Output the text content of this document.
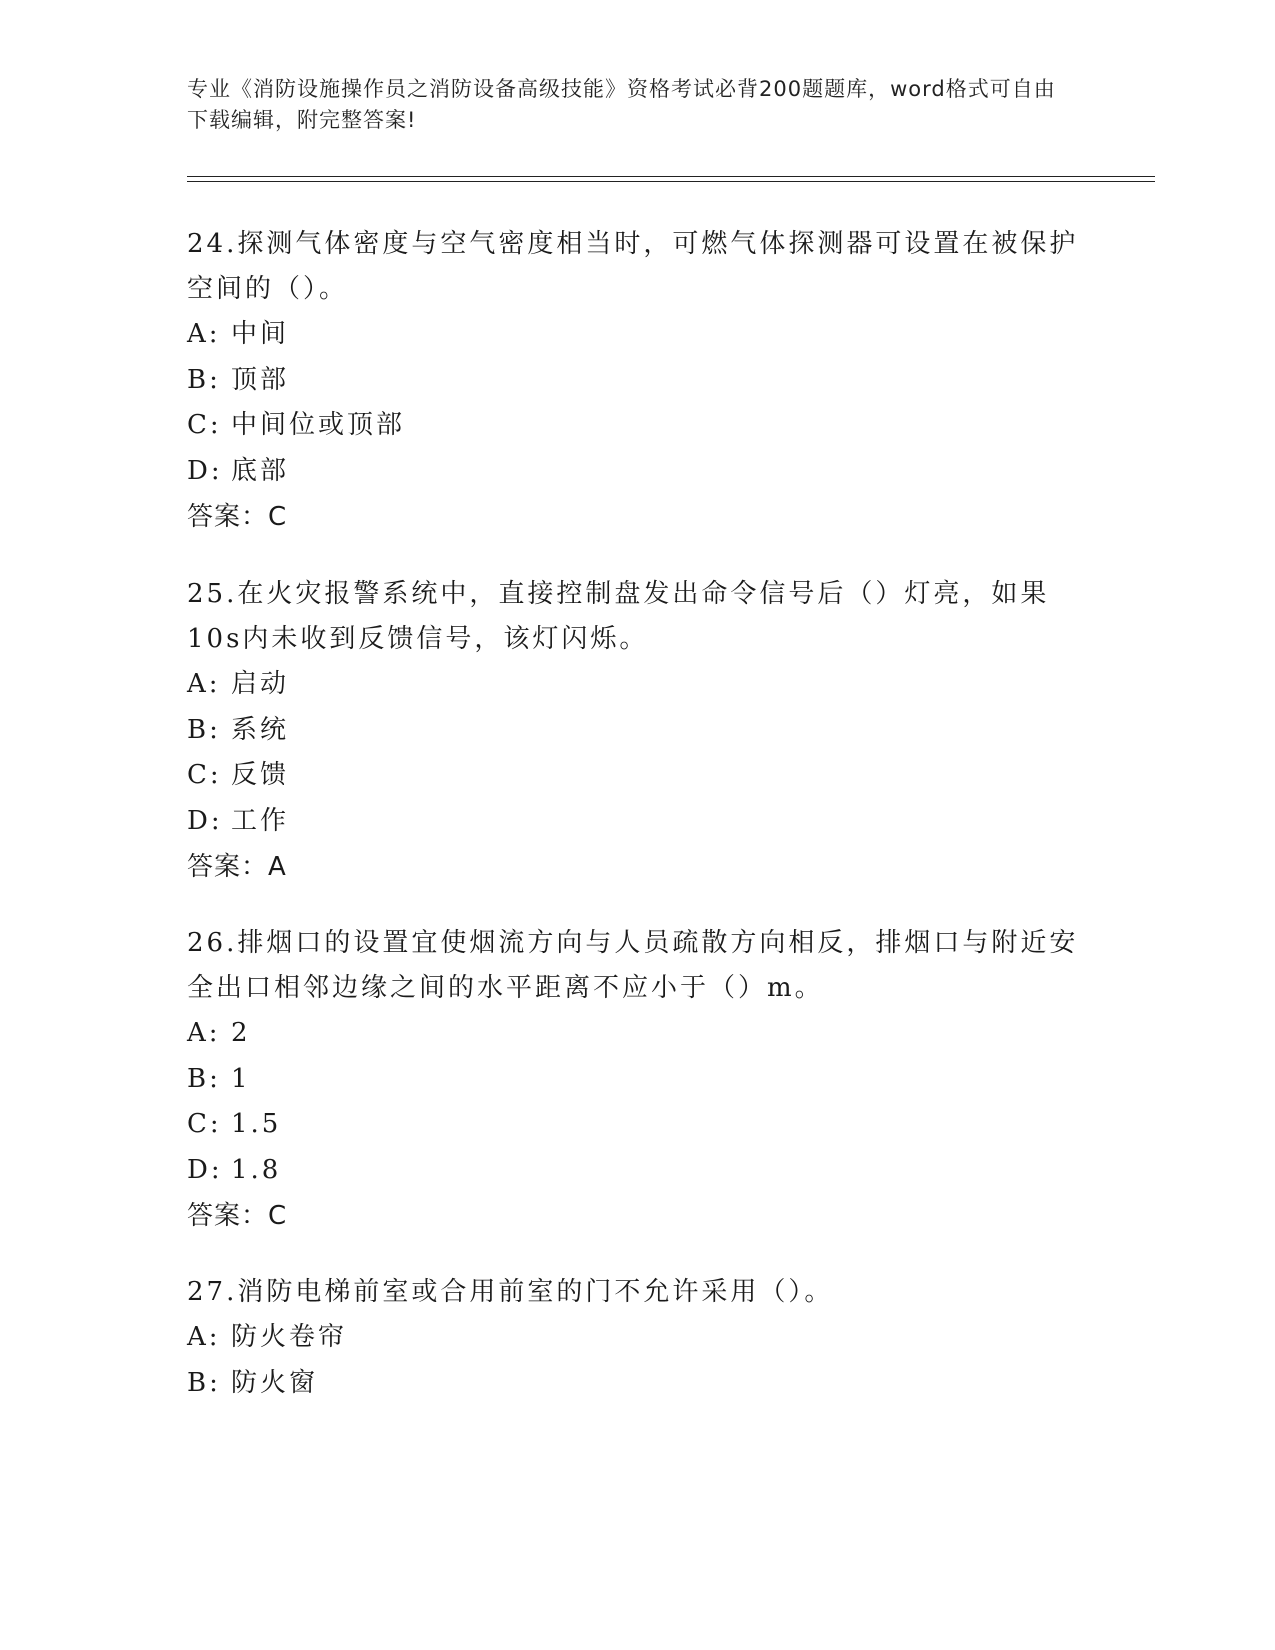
专业《消防设施操作员之消防设备高级技能》资格考试必背200题题库，word格式可自由下载编辑，附完整答案!

24.探测气体密度与空气密度相当时，可燃气体探测器可设置在被保护空间的（）。

A: 中间

B: 顶部

C: 中间位或顶部

D: 底部

答案：C

25.在火灾报警系统中，直接控制盘发出命令信号后（）灯亮，如果10s内未收到反馈信号，该灯闪烁。

A: 启动

B: 系统

C: 反馈

D: 工作

答案：A

26.排烟口的设置宜使烟流方向与人员疏散方向相反，排烟口与附近安全出口相邻边缘之间的水平距离不应小于（）m。

A: 2

B: 1

C: 1.5

D: 1.8

答案：C

27.消防电梯前室或合用前室的门不允许采用（）。

A: 防火卷帘

B: 防火窗
